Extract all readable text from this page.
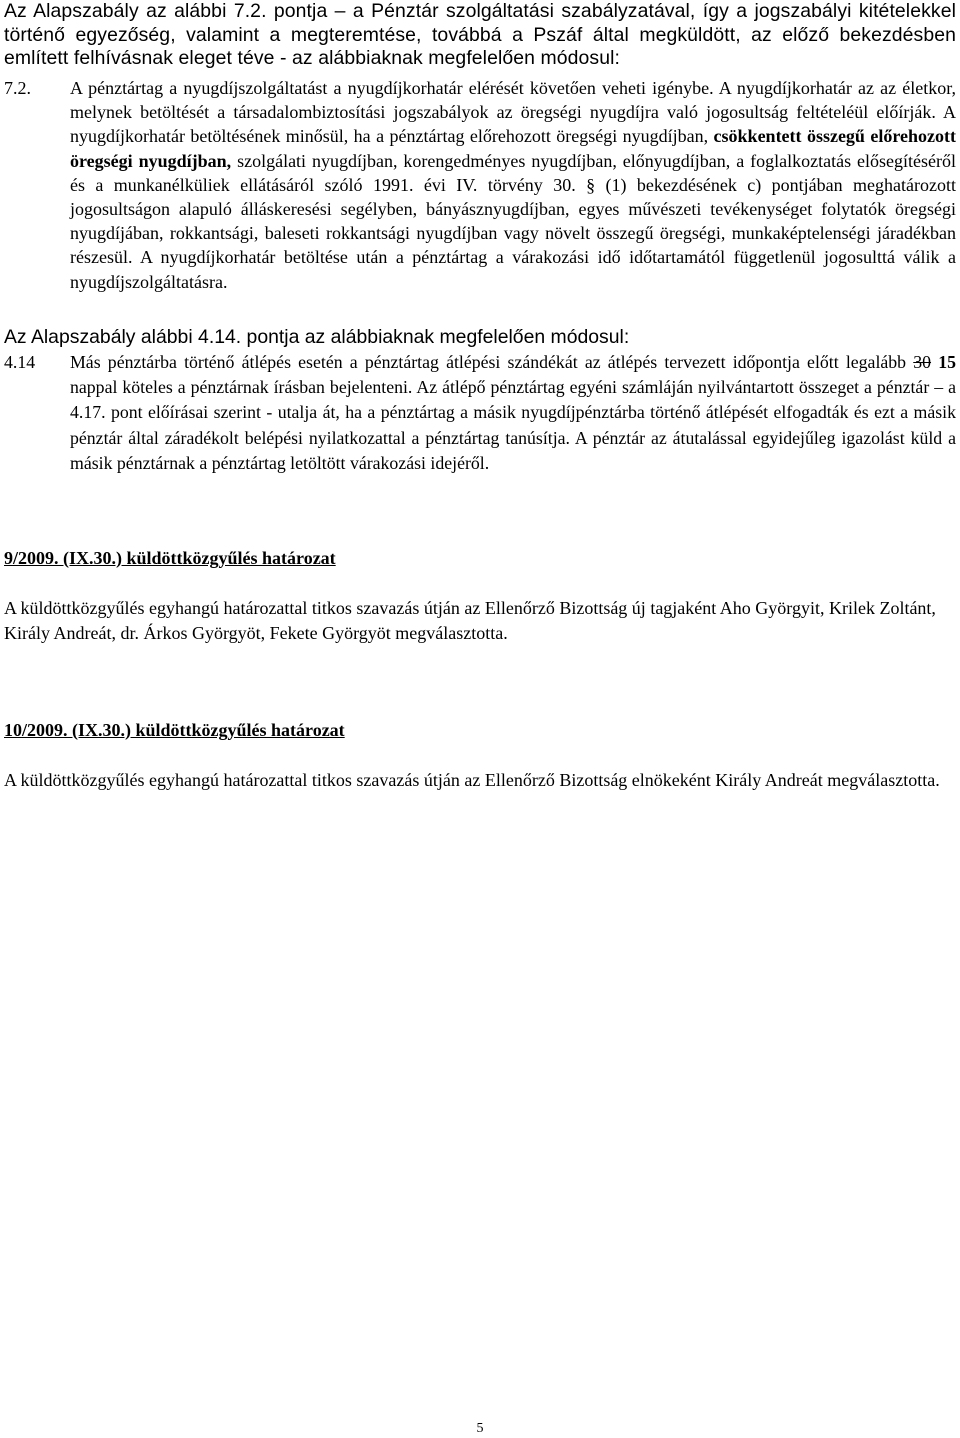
Az Alapszabály az alábbi 7.2. pontja – a Pénztár szolgáltatási szabályzatával, így a jogszabályi kitételekkel történő egyezőség, valamint a megteremtése, továbbá a Pszáf által megküldött, az előző bekezdésben említett felhívásnak eleget téve - az alábbiaknak megfelelően módosul:

7.2. A pénztártag a nyugdíjszolgáltatást a nyugdíjkorhatár elérését követően veheti igénybe. A nyugdíjkorhatár az az életkor, melynek betöltését a társadalombiztosítási jogszabályok az öregségi nyugdíjra való jogosultság feltételéül előírják. A nyugdíjkorhatár betöltésének minősül, ha a pénztártag előrehozott öregségi nyugdíjban, csökkentett összegű előrehozott öregségi nyugdíjban, szolgálati nyugdíjban, korengedményes nyugdíjban, előnyugdíjban, a foglalkoztatás elősegítéséről és a munkanélküliek ellátásáról szóló 1991. évi IV. törvény 30. § (1) bekezdésének c) pontjában meghatározott jogosultságon alapuló álláskeresési segélyben, bányásznyugdíjban, egyes művészeti tevékenységet folytatók öregségi nyugdíjában, rokkantsági, baleseti rokkantsági nyugdíjban vagy növelt összegű öregségi, munkaképtelenségi járadékban részesül. A nyugdíjkorhatár betöltése után a pénztártag a várakozási idő időtartamától függetlenül jogosulttá válik a nyugdíjszolgáltatásra.

Az Alapszabály alábbi 4.14. pontja az alábbiaknak megfelelően módosul:

4.14 Más pénztárba történő átlépés esetén a pénztártag átlépési szándékát az átlépés tervezett időpontja előtt legalább 30 15 nappal köteles a pénztárnak írásban bejelenteni. Az átlépő pénztártag egyéni számláján nyilvántartott összeget a pénztár – a 4.17. pont előírásai szerint - utalja át, ha a pénztártag a másik nyugdíjpénztárba történő átlépését elfogadták és ezt a másik pénztár által záradékolt belépési nyilatkozattal a pénztártag tanúsítja. A pénztár az átutalással egyidejűleg igazolást küld a másik pénztárnak a pénztártag letöltött várakozási idejéről.
9/2009. (IX.30.) küldöttközgyűlés határozat

A küldöttközgyűlés egyhangú határozattal titkos szavazás útján az Ellenőrző Bizottság új tagjaként Aho Györgyit, Krilek Zoltánt, Király Andreát, dr. Árkos Györgyöt, Fekete Györgyöt megválasztotta.

10/2009. (IX.30.) küldöttközgyűlés határozat

A küldöttközgyűlés egyhangú határozattal titkos szavazás útján az Ellenőrző Bizottság elnökeként Király Andreát megválasztotta.

5
